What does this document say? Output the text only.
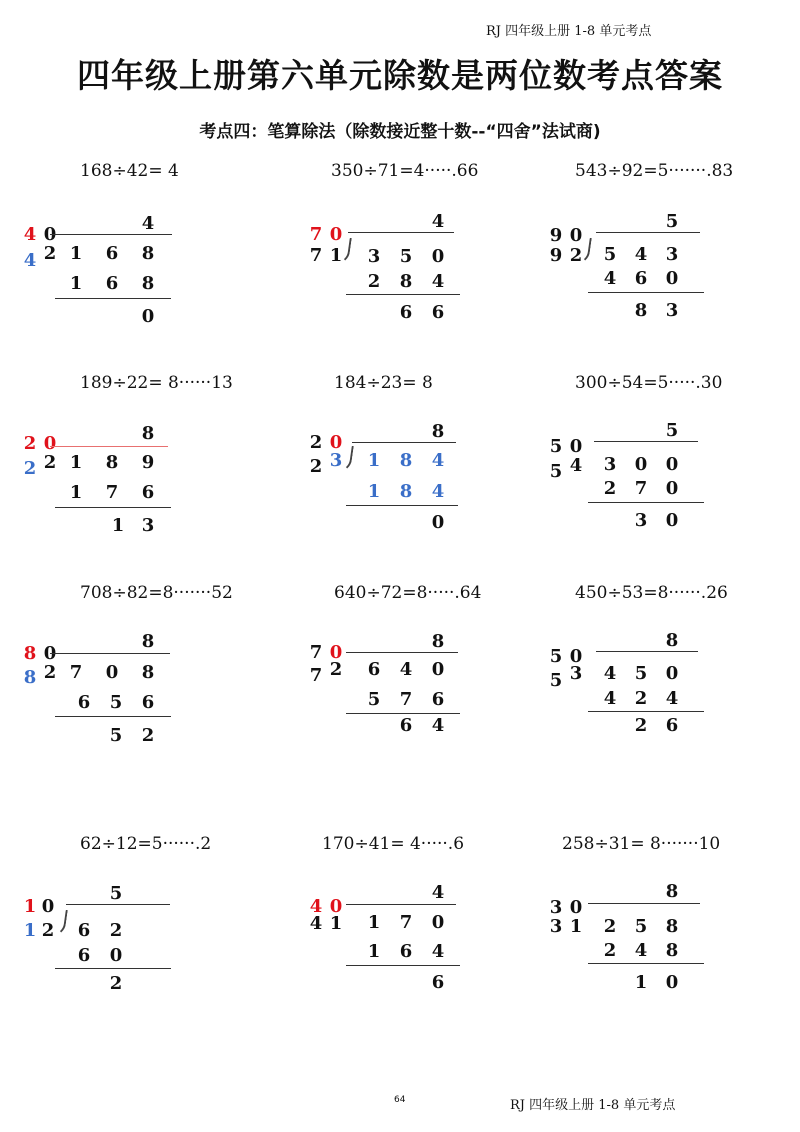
RJ 四年级上册 1-8 单元考点
四年级上册第六单元除数是两位数考点答案
考点四：笔算除法（除数接近整十数--“四舍”法试商)
168÷42= 4
4 0
4 2
4
1 6 8
1 6 8
0
350÷71=4·····.66
7 0
7 1
4
3 5 0
2 8 4
6 6
543÷92=5·······.83
9 0
9 2
5
5 4 3
4 6 0
8 3
189÷22= 8······13
2 0
2 2
8
1 8 9
1 7 6
1 3
184÷23= 8
2 0
2 3
8
1 8 4
1 8 4
0
300÷54=5·····.30
5 0
5 4
5
3 0 0
2 7 0
3 0
708÷82=8·······52
8 0
8 2
8
7 0 8
6 5 6
5 2
640÷72=8·····.64
7 0
7 2
8
6 4 0
5 7 6
6 4
450÷53=8······.26
5 0
5 3
8
4 5 0
4 2 4
2 6
62÷12=5······.2
1 0
1 2
5
6 2
6 0
2
170÷41= 4·····.6
4 0
4 1
4
1 7 0
1 6 4
6
258÷31= 8·······10
3 0
3 1
8
2 5 8
2 4 8
1 0
64	RJ 四年级上册 1-8 单元考点
